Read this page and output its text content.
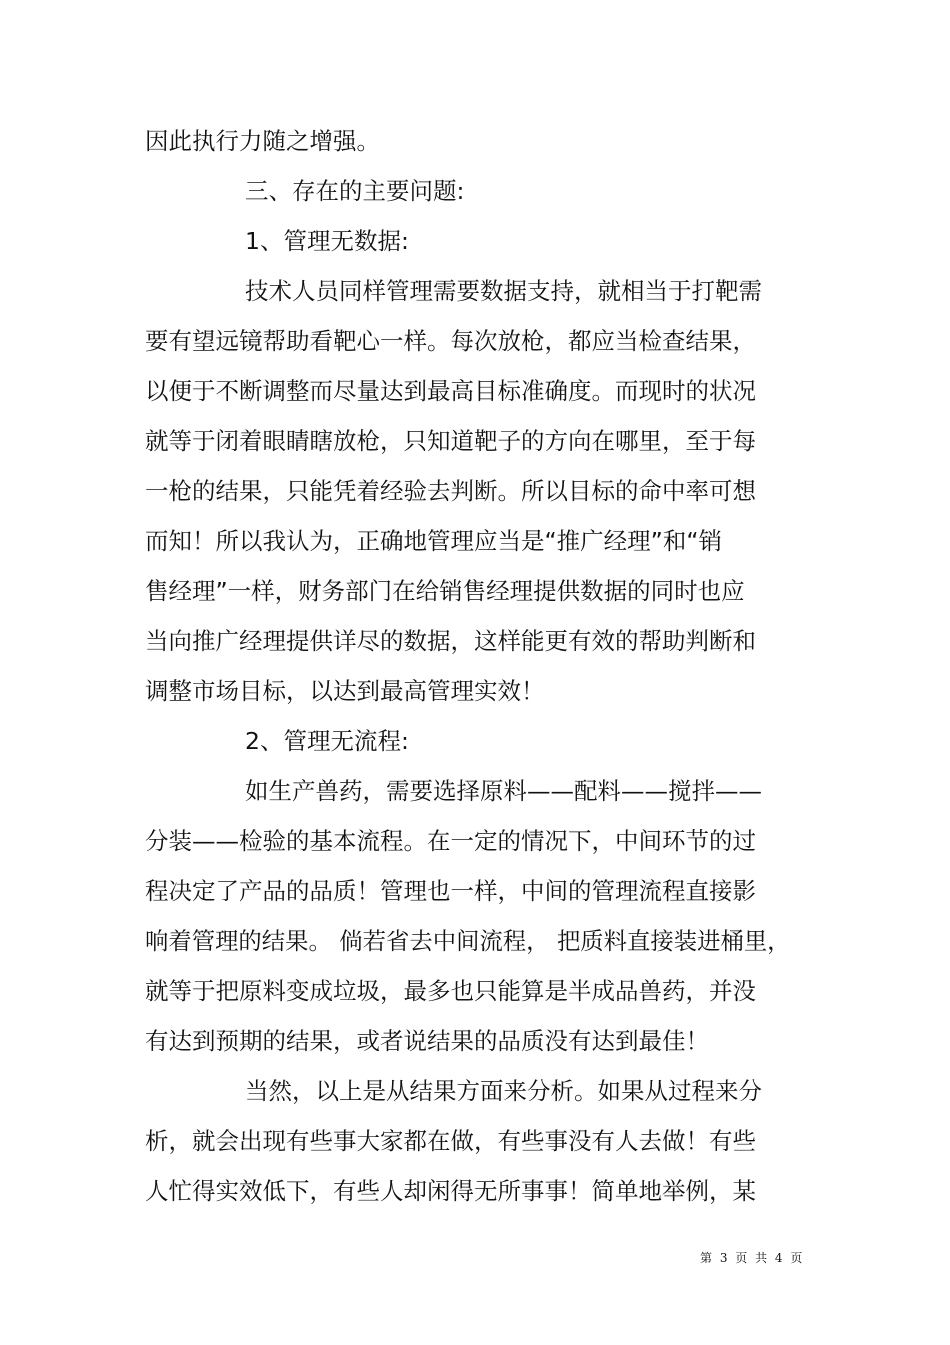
因此执行力随之增强。
三、存在的主要问题:
1、管理无数据:
技术人员同样管理需要数据支持，就相当于打靶需
要有望远镜帮助看靶心一样。每次放枪，都应当检查结果，
以便于不断调整而尽量达到最高目标准确度。而现时的状况
就等于闭着眼睛瞎放枪，只知道靶子的方向在哪里，至于每
一枪的结果，只能凭着经验去判断。所以目标的命中率可想
而知！所以我认为，正确地管理应当是“推广经理”和“销
售经理”一样，财务部门在给销售经理提供数据的同时也应
当向推广经理提供详尽的数据，这样能更有效的帮助判断和
调整市场目标，以达到最高管理实效！
2、管理无流程:
如生产兽药，需要选择原料——配料——搅拌——
分装——检验的基本流程。在一定的情况下，中间环节的过
程决定了产品的品质！管理也一样，中间的管理流程直接影
响着管理的结果。 倘若省去中间流程， 把质料直接装进桶里，
就等于把原料变成垃圾，最多也只能算是半成品兽药，并没
有达到预期的结果，或者说结果的品质没有达到最佳！
当然，以上是从结果方面来分析。如果从过程来分
析，就会出现有些事大家都在做，有些事没有人去做！有些
人忙得实效低下，有些人却闲得无所事事！简单地举例，某
第 3 页 共 4 页
